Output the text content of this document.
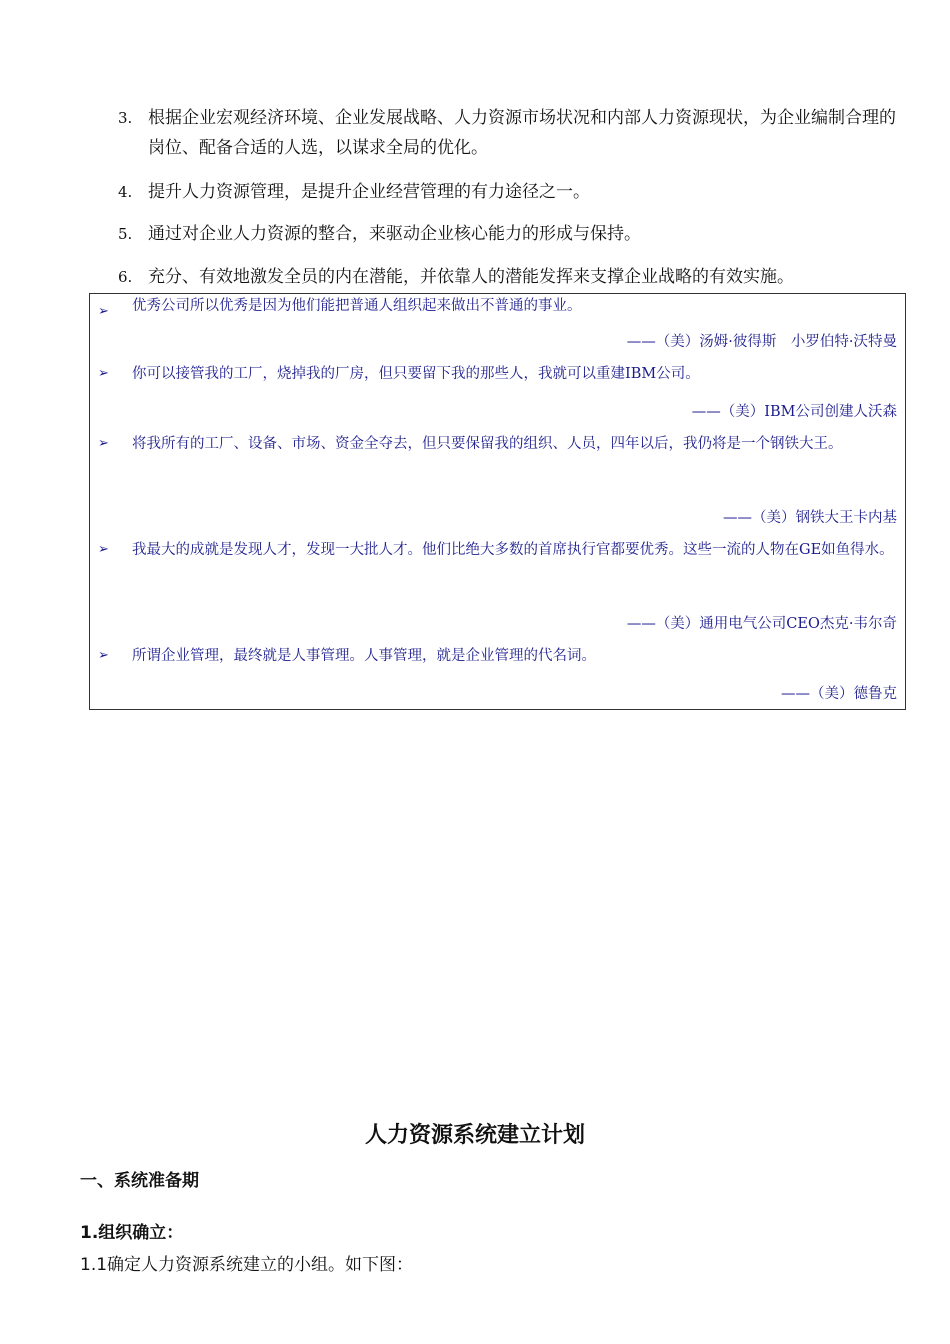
3. 根据企业宏观经济环境、企业发展战略、人力资源市场状况和内部人力资源现状，为企业编制合理的岗位、配备合适的人选，以谋求全局的优化。
4. 提升人力资源管理，是提升企业经营管理的有力途径之一。
5. 通过对企业人力资源的整合，来驱动企业核心能力的形成与保持。
6. 充分、有效地激发全员的内在潜能，并依靠人的潜能发挥来支撑企业战略的有效实施。
➢ 优秀公司所以优秀是因为他们能把普通人组织起来做出不普通的事业。
——（美）汤姆·彼得斯　小罗伯特·沃特曼
➢ 你可以接管我的工厂，烧掉我的厂房，但只要留下我的那些人，我就可以重建IBM公司。
——（美）IBM公司创建人沃森
➢ 将我所有的工厂、设备、市场、资金全夺去，但只要保留我的组织、人员，四年以后，我仍将是一个钢铁大王。
——（美）钢铁大王卡内基
➢ 我最大的成就是发现人才，发现一大批人才。他们比绝大多数的首席执行官都要优秀。这些一流的人物在GE如鱼得水。
——（美）通用电气公司CEO杰克·韦尔奇
➢ 所谓企业管理，最终就是人事管理。人事管理，就是企业管理的代名词。
——（美）德鲁克
人力资源系统建立计划
一、系统准备期
1.组织确立：
1.1确定人力资源系统建立的小组。如下图：
